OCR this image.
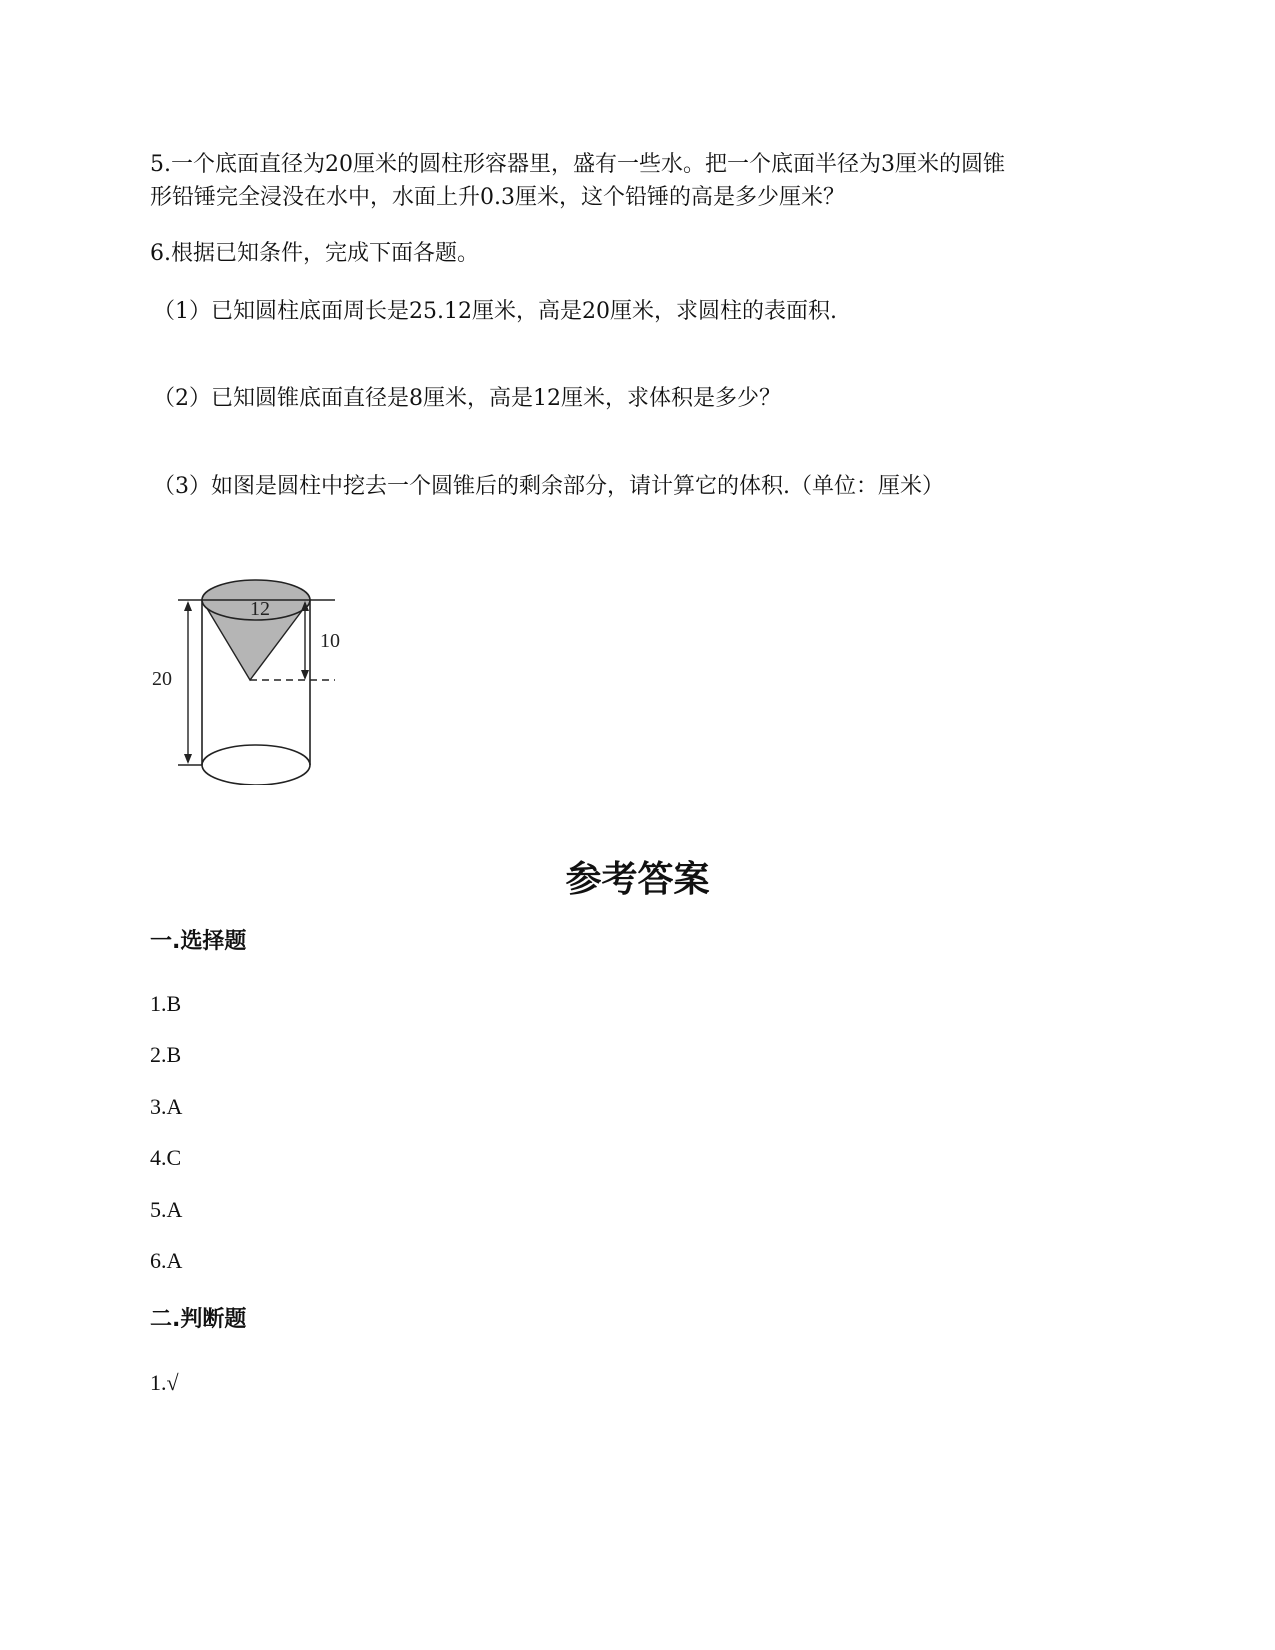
5.一个底面直径为20厘米的圆柱形容器里，盛有一些水。把一个底面半径为3厘米的圆锥
形铅锤完全浸没在水中，水面上升0.3厘米，这个铅锤的高是多少厘米？
6.根据已知条件，完成下面各题。
（1）已知圆柱底面周长是25.12厘米，高是20厘米，求圆柱的表面积.
（2）已知圆锥底面直径是8厘米，高是12厘米，求体积是多少？
（3）如图是圆柱中挖去一个圆锥后的剩余部分，请计算它的体积.（单位：厘米）
12
20
10
参考答案
一.选择题
1.B
2.B
3.A
4.C
5.A
6.A
二.判断题
1.√
